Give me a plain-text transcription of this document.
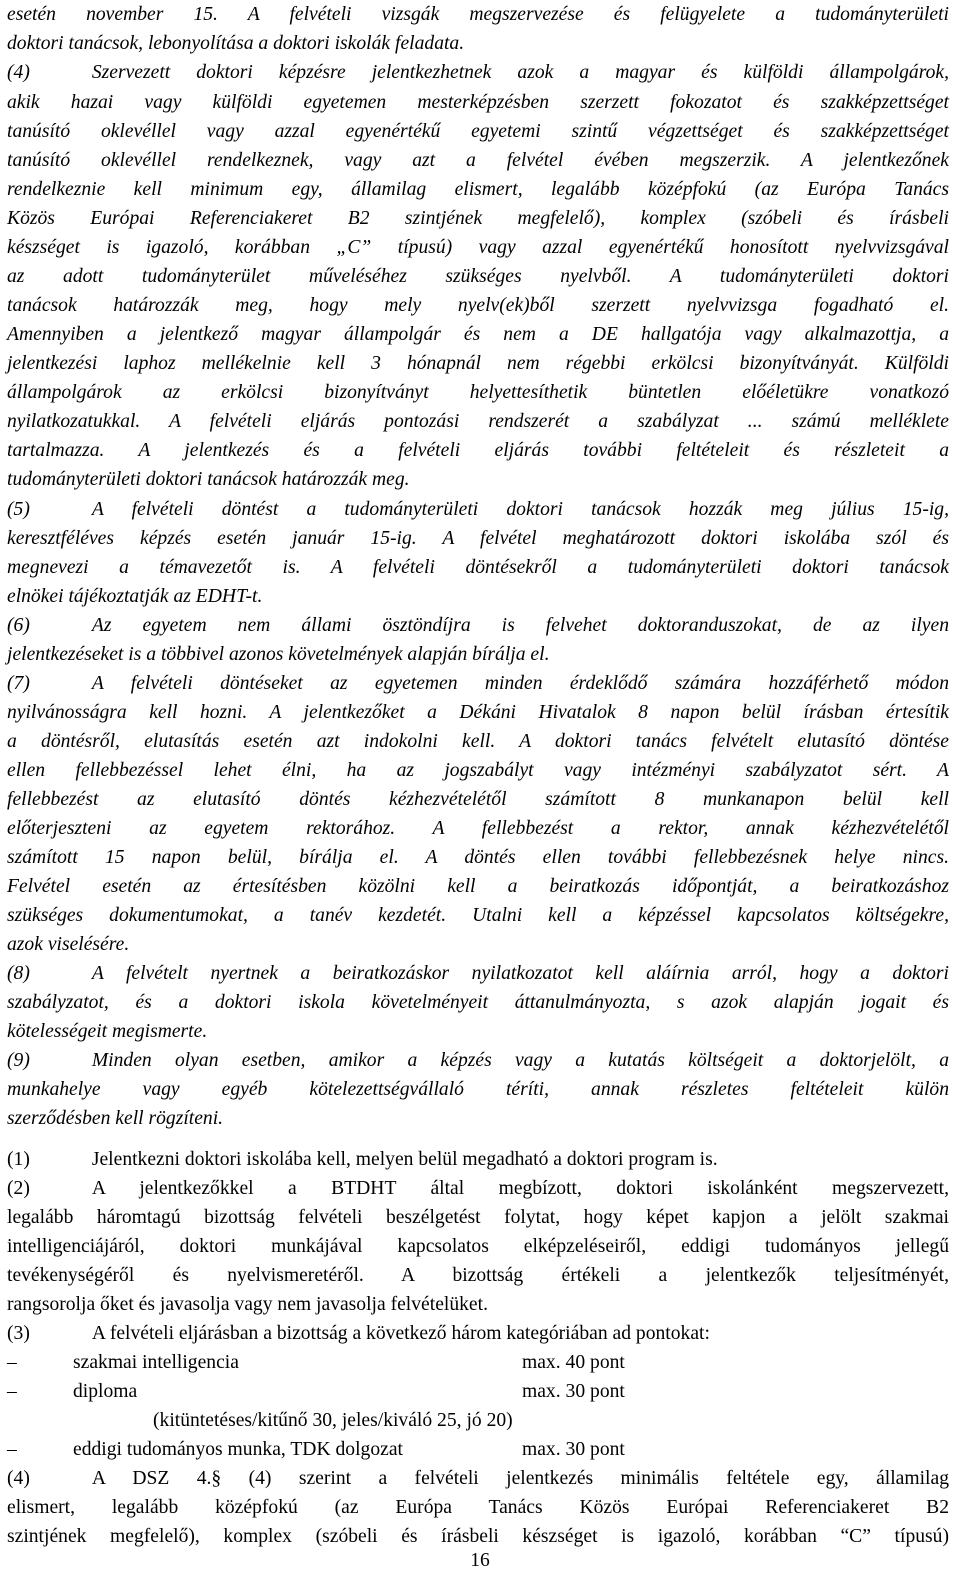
esetén november 15. A felvételi vizsgák megszervezése és felügyelete a tudományterületi
doktori tanácsok, lebonyolítása a doktori iskolák feladata.
(4)	Szervezett doktori képzésre jelentkezhetnek azok a magyar és külföldi állampolgárok,
akik hazai vagy külföldi egyetemen mesterképzésben szerzett fokozatot és szakképzettséget
tanúsító oklevéllel vagy azzal egyenértékű egyetemi szintű végzettséget és szakképzettséget
tanúsító oklevéllel rendelkeznek, vagy azt a felvétel évében megszerzik. A jelentkezőnek
rendelkeznie kell minimum egy, államilag elismert, legalább középfokú (az Európa Tanács
Közös Európai Referenciakeret B2 szintjének megfelelő), komplex (szóbeli és írásbeli
készséget is igazoló, korábban „C” típusú) vagy azzal egyenértékű honosított nyelvvizsgával
az adott tudományterület műveléséhez szükséges nyelvből. A tudományterületi doktori
tanácsok határozzák meg, hogy mely nyelv(ek)ből szerzett nyelvvizsga fogadható el.
Amennyiben a jelentkező magyar állampolgár és nem a DE hallgatója vagy alkalmazottja, a
jelentkezési laphoz mellékelnie kell 3 hónapnál nem régebbi erkölcsi bizonyítványát. Külföldi
állampolgárok az erkölcsi bizonyítványt helyettesíthetik büntetlen előéletükre vonatkozó
nyilatkozatukkal. A felvételi eljárás pontozási rendszerét a szabályzat ... számú melléklete
tartalmazza. A jelentkezés és a felvételi eljárás további feltételeit és részleteit a
tudományterületi doktori tanácsok határozzák meg.
(5)	A felvételi döntést a tudományterületi doktori tanácsok hozzák meg július 15-ig,
keresztféléves képzés esetén január 15-ig. A felvétel meghatározott doktori iskolába szól és
megnevezi a témavezetőt is. A felvételi döntésekről a tudományterületi doktori tanácsok
elnökei tájékoztatják az EDHT-t.
(6)	Az egyetem nem állami ösztöndíjra is felvehet doktoranduszokat, de az ilyen
jelentkezéseket is a többivel azonos követelmények alapján bírálja el.
(7)	A felvételi döntéseket az egyetemen minden érdeklődő számára hozzáférhető módon
nyilvánosságra kell hozni. A jelentkezőket a Dékáni Hivatalok 8 napon belül írásban értesítik
a döntésről, elutasítás esetén azt indokolni kell. A doktori tanács felvételt elutasító döntése
ellen fellebbezéssel lehet élni, ha az jogszabályt vagy intézményi szabályzatot sért. A
fellebbezést az elutasító döntés kézhezvételétől számított 8 munkanapon belül kell
előterjeszteni az egyetem rektorához. A fellebbezést a rektor, annak kézhezvételétől
számított 15 napon belül, bírálja el. A döntés ellen további fellebbezésnek helye nincs.
Felvétel esetén az értesítésben közölni kell a beiratkozás időpontját, a beiratkozáshoz
szükséges dokumentumokat, a tanév kezdetét. Utalni kell a képzéssel kapcsolatos költségekre,
azok viselésére.
(8)	A felvételt nyertnek a beiratkozáskor nyilatkozatot kell aláírnia arról, hogy a doktori
szabályzatot, és a doktori iskola követelményeit áttanulmányozta, s azok alapján jogait és
kötelességeit megismerte.
(9)	Minden olyan esetben, amikor a képzés vagy a kutatás költségeit a doktorjelölt, a
munkahelye vagy egyéb kötelezettségvállaló téríti, annak részletes feltételeit külön
szerződésben kell rögzíteni.
(1)	Jelentkezni doktori iskolába kell, melyen belül megadható a doktori program is.
(2)	A jelentkezőkkel a BTDHT által megbízott, doktori iskolánként megszervezett,
legalább háromtagú bizottság felvételi beszélgetést folytat, hogy képet kapjon a jelölt szakmai
intelligenciájáról, doktori munkájával kapcsolatos elképzeléseiről, eddigi tudományos jellegű
tevékenységéről és nyelvismeretéről. A bizottság értékeli a jelentkezők teljesítményét,
rangsorolja őket és javasolja vagy nem javasolja felvételüket.
(3)	A felvételi eljárásban a bizottság a következő három kategóriában ad pontokat:
–	szakmai intelligencia	max. 40 pont
–	diploma	max. 30 pont
(kitüntetéses/kitűnő 30, jeles/kiváló 25, jó 20)
–	eddigi tudományos munka, TDK dolgozat	max. 30 pont
(4)	A DSZ 4.§ (4) szerint a felvételi jelentkezés minimális feltétele egy, államilag
elismert, legalább középfokú (az Európa Tanács Közös Európai Referenciakeret B2
szintjének megfelelő), komplex (szóbeli és írásbeli készséget is igazoló, korábban “C” típusú)
16
